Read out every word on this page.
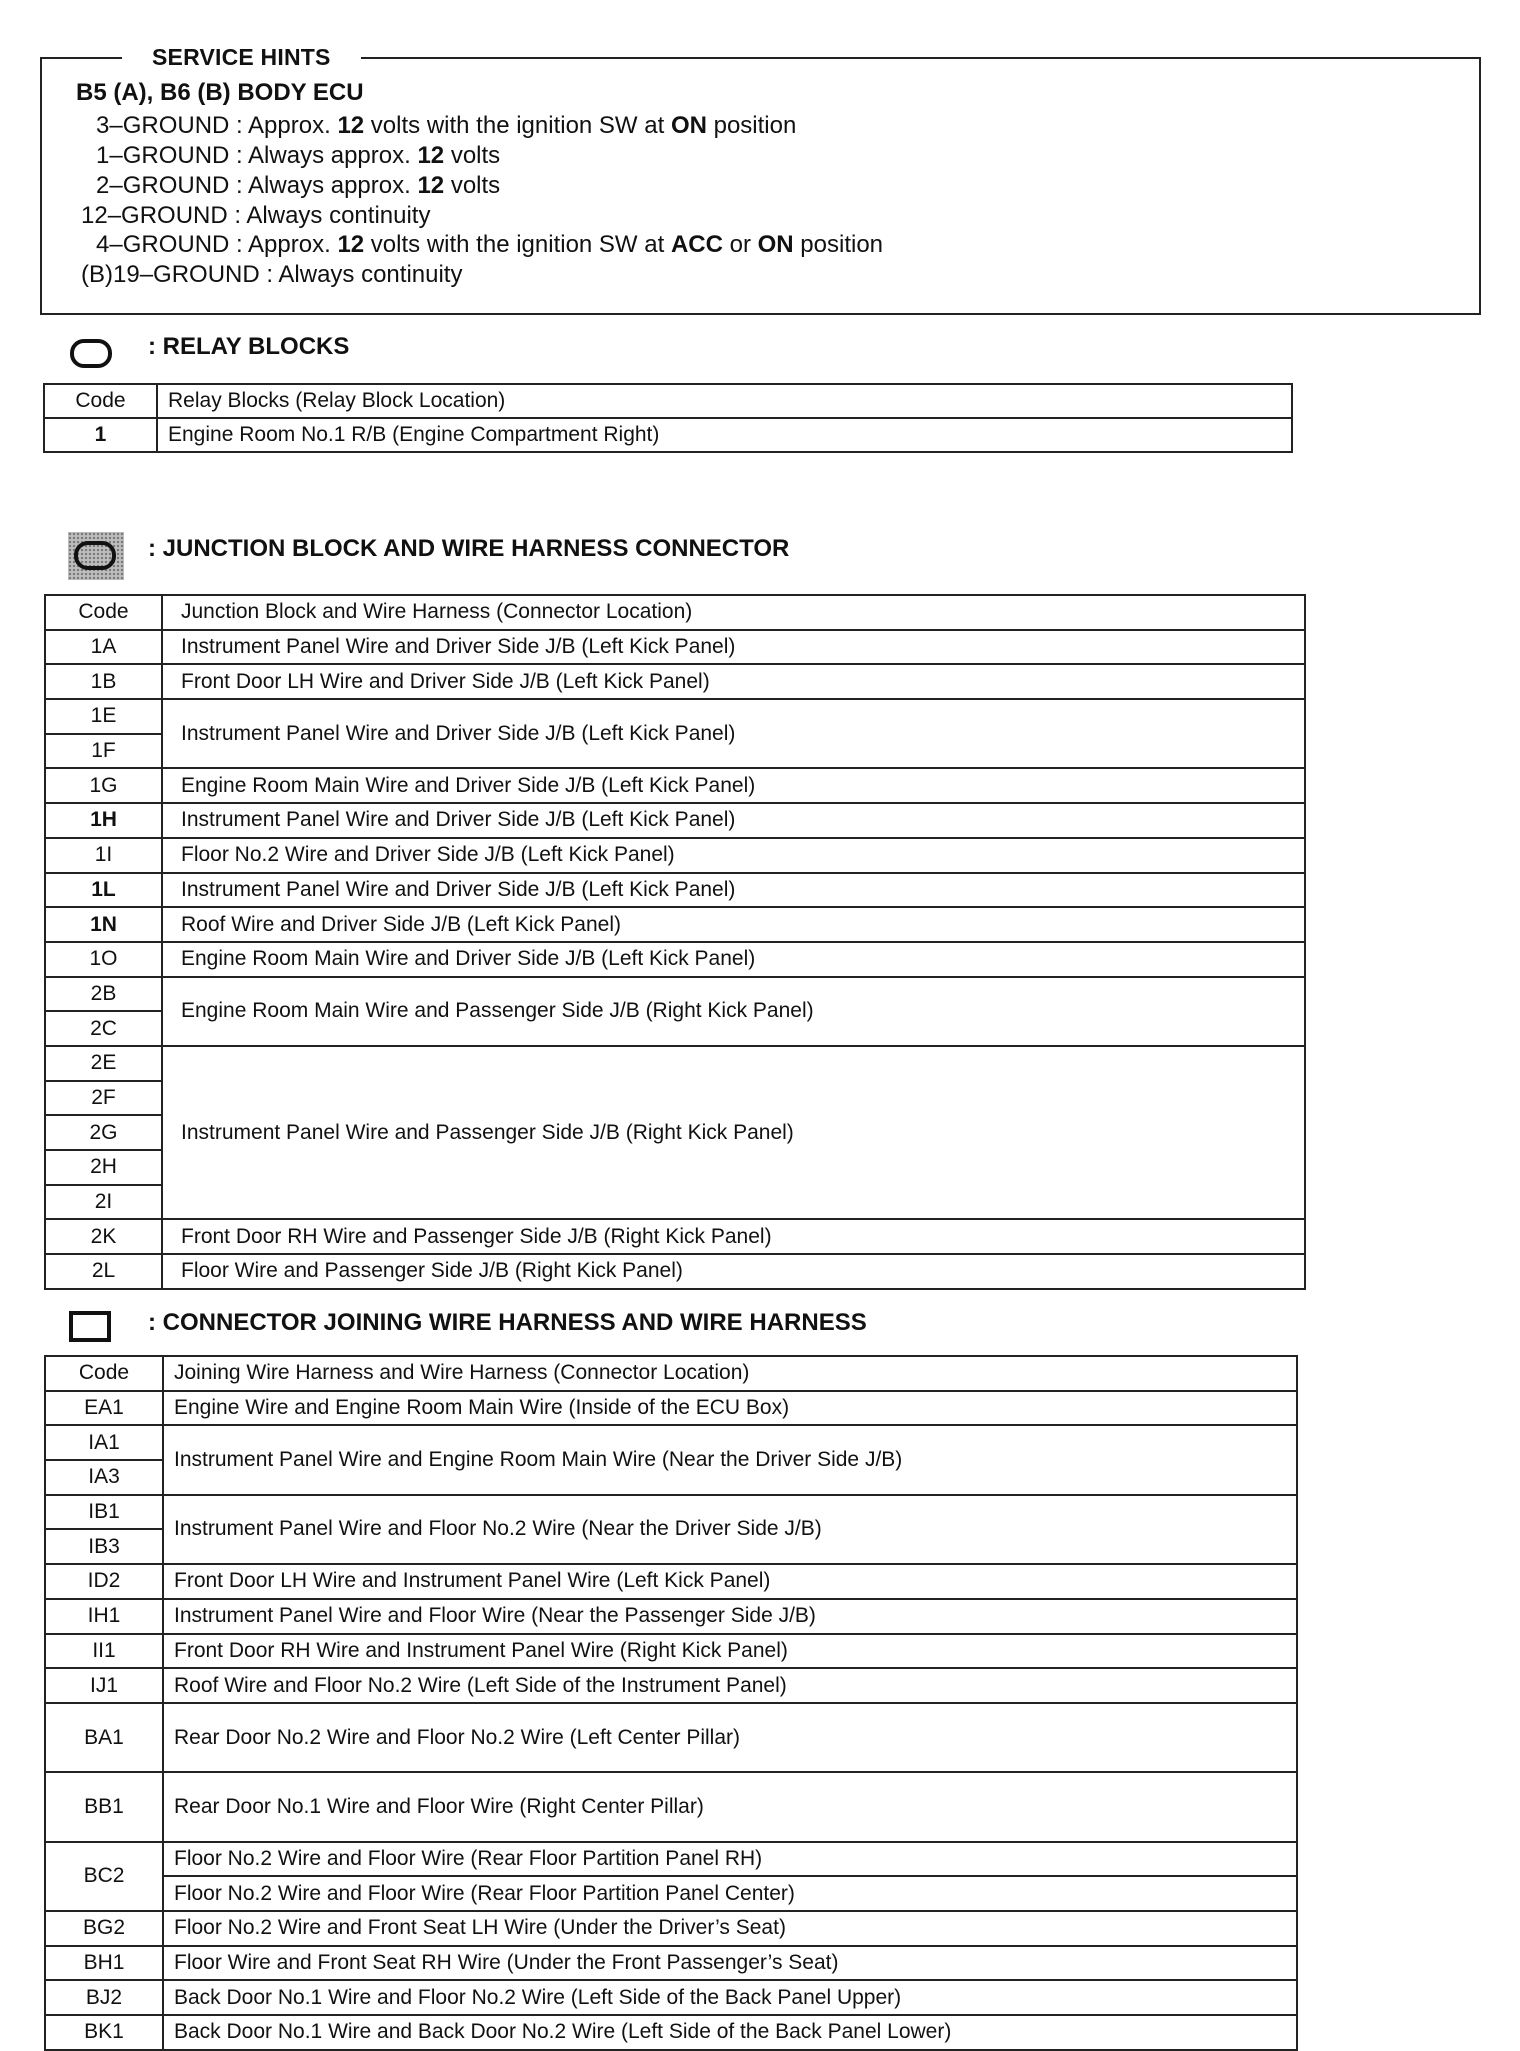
SERVICE HINTS
B5 (A), B6 (B) BODY ECU
3–GROUND : Approx. 12 volts with the ignition SW at ON position
1–GROUND : Always approx. 12 volts
2–GROUND : Always approx. 12 volts
12–GROUND : Always continuity
4–GROUND : Approx. 12 volts with the ignition SW at ACC or ON position
(B)19–GROUND : Always continuity
: RELAY BLOCKS
Code	Relay Blocks (Relay Block Location)
1	Engine Room No.1 R/B (Engine Compartment Right)
: JUNCTION BLOCK AND WIRE HARNESS CONNECTOR
Code	Junction Block and Wire Harness (Connector Location)
1A	Instrument Panel Wire and Driver Side J/B (Left Kick Panel)
1B	Front Door LH Wire and Driver Side J/B (Left Kick Panel)
1E	Instrument Panel Wire and Driver Side J/B (Left Kick Panel)
1F	
1G	Engine Room Main Wire and Driver Side J/B (Left Kick Panel)
1H	Instrument Panel Wire and Driver Side J/B (Left Kick Panel)
1I	Floor No.2 Wire and Driver Side J/B (Left Kick Panel)
1L	Instrument Panel Wire and Driver Side J/B (Left Kick Panel)
1N	Roof Wire and Driver Side J/B (Left Kick Panel)
1O	Engine Room Main Wire and Driver Side J/B (Left Kick Panel)
2B	Engine Room Main Wire and Passenger Side J/B (Right Kick Panel)
2C	
2E	Instrument Panel Wire and Passenger Side J/B (Right Kick Panel)
2F	
2G	
2H	
2I	
2K	Front Door RH Wire and Passenger Side J/B (Right Kick Panel)
2L	Floor Wire and Passenger Side J/B (Right Kick Panel)
: CONNECTOR JOINING WIRE HARNESS AND WIRE HARNESS
Code	Joining Wire Harness and Wire Harness (Connector Location)
EA1	Engine Wire and Engine Room Main Wire (Inside of the ECU Box)
IA1	Instrument Panel Wire and Engine Room Main Wire (Near the Driver Side J/B)
IA3	
IB1	Instrument Panel Wire and Floor No.2 Wire (Near the Driver Side J/B)
IB3	
ID2	Front Door LH Wire and Instrument Panel Wire (Left Kick Panel)
IH1	Instrument Panel Wire and Floor Wire (Near the Passenger Side J/B)
II1	Front Door RH Wire and Instrument Panel Wire (Right Kick Panel)
IJ1	Roof Wire and Floor No.2 Wire (Left Side of the Instrument Panel)
BA1	Rear Door No.2 Wire and Floor No.2 Wire (Left Center Pillar)
BB1	Rear Door No.1 Wire and Floor Wire (Right Center Pillar)
BC2	Floor No.2 Wire and Floor Wire (Rear Floor Partition Panel RH)
	Floor No.2 Wire and Floor Wire (Rear Floor Partition Panel Center)
BG2	Floor No.2 Wire and Front Seat LH Wire (Under the Driver’s Seat)
BH1	Floor Wire and Front Seat RH Wire (Under the Front Passenger’s Seat)
BJ2	Back Door No.1 Wire and Floor No.2 Wire (Left Side of the Back Panel Upper)
BK1	Back Door No.1 Wire and Back Door No.2 Wire (Left Side of the Back Panel Lower)
